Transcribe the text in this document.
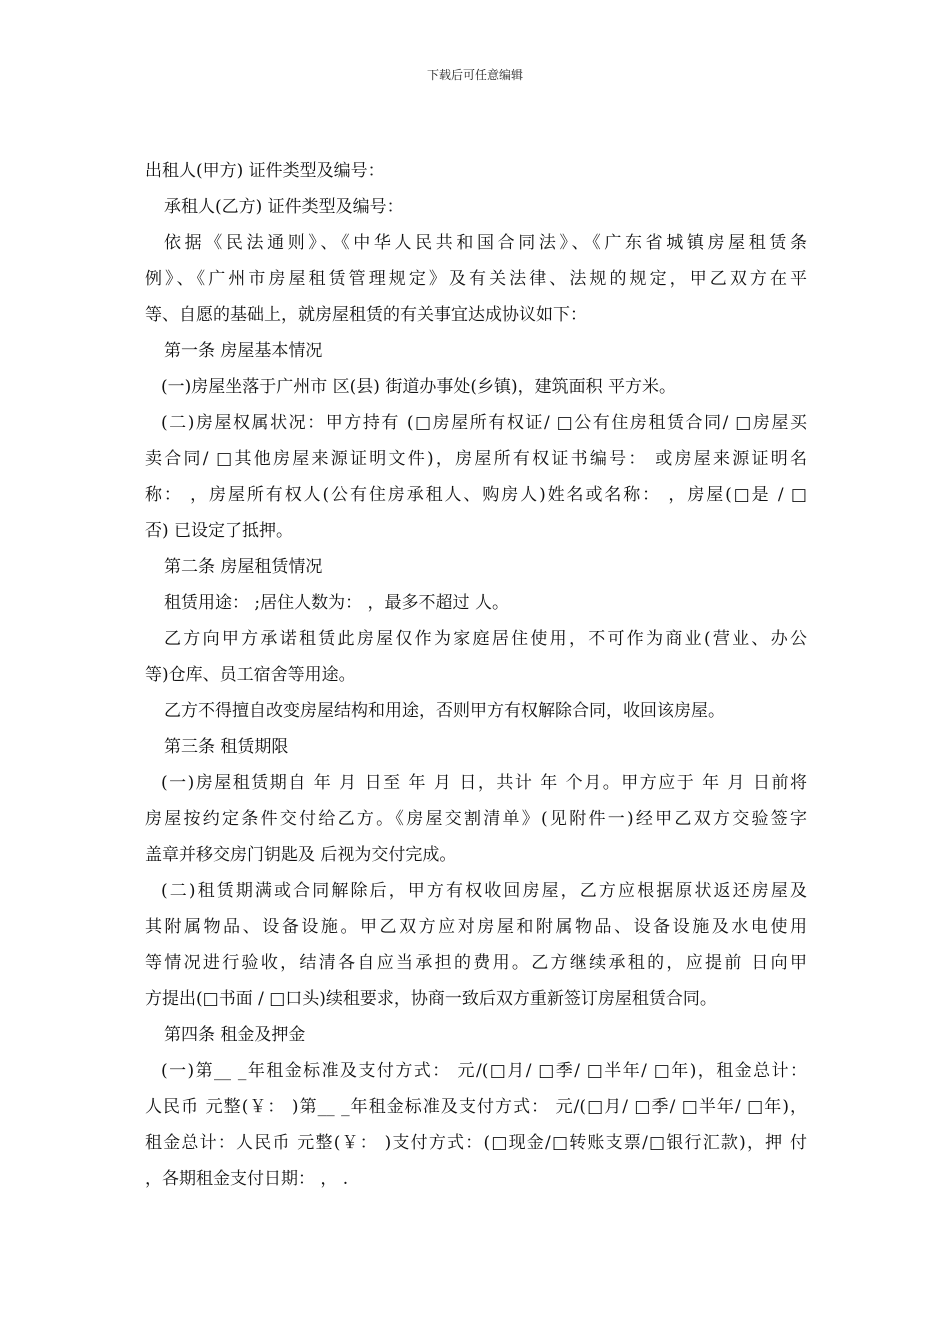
下载后可任意编辑
出租人(甲方) 证件类型及编号：
承租人(乙方) 证件类型及编号：
依据《民法通则》、《中华人民共和国合同法》、《广东省城镇房屋租赁条
例》、《广州市房屋租赁管理规定》及有关法律、法规的规定，甲乙双方在平
等、自愿的基础上，就房屋租赁的有关事宜达成协议如下：
第一条 房屋基本情况
(一)房屋坐落于广州市 区(县) 街道办事处(乡镇)，建筑面积 平方米。
(二)房屋权属状况：甲方持有 (□房屋所有权证/ □公有住房租赁合同/ □房屋买
卖合同/ □其他房屋来源证明文件)，房屋所有权证书编号： 或房屋来源证明名
称： ，房屋所有权人(公有住房承租人、购房人)姓名或名称： ，房屋(□是 / □
否) 已设定了抵押。
第二条 房屋租赁情况
租赁用途： ;居住人数为： ，最多不超过 人。
乙方向甲方承诺租赁此房屋仅作为家庭居住使用，不可作为商业(营业、办公
等)仓库、员工宿舍等用途。
乙方不得擅自改变房屋结构和用途，否则甲方有权解除合同，收回该房屋。
第三条 租赁期限
(一)房屋租赁期自 年 月 日至 年 月 日，共计 年 个月。甲方应于 年 月 日前将
房屋按约定条件交付给乙方。《房屋交割清单》(见附件一)经甲乙双方交验签字
盖章并移交房门钥匙及 后视为交付完成。
(二)租赁期满或合同解除后，甲方有权收回房屋，乙方应根据原状返还房屋及
其附属物品、设备设施。甲乙双方应对房屋和附属物品、设备设施及水电使用
等情况进行验收，结清各自应当承担的费用。乙方继续承租的，应提前 日向甲
方提出(□书面 / □口头)续租要求，协商一致后双方重新签订房屋租赁合同。
第四条 租金及押金
(一)第__ _年租金标准及支付方式： 元/(□月/ □季/ □半年/ □年)，租金总计：
人民币 元整(￥： )第__ _年租金标准及支付方式： 元/(□月/ □季/ □半年/ □年)，
租金总计：人民币 元整(￥： )支付方式：(□现金/□转账支票/□银行汇款)，押 付
，各期租金支付日期： ， .
